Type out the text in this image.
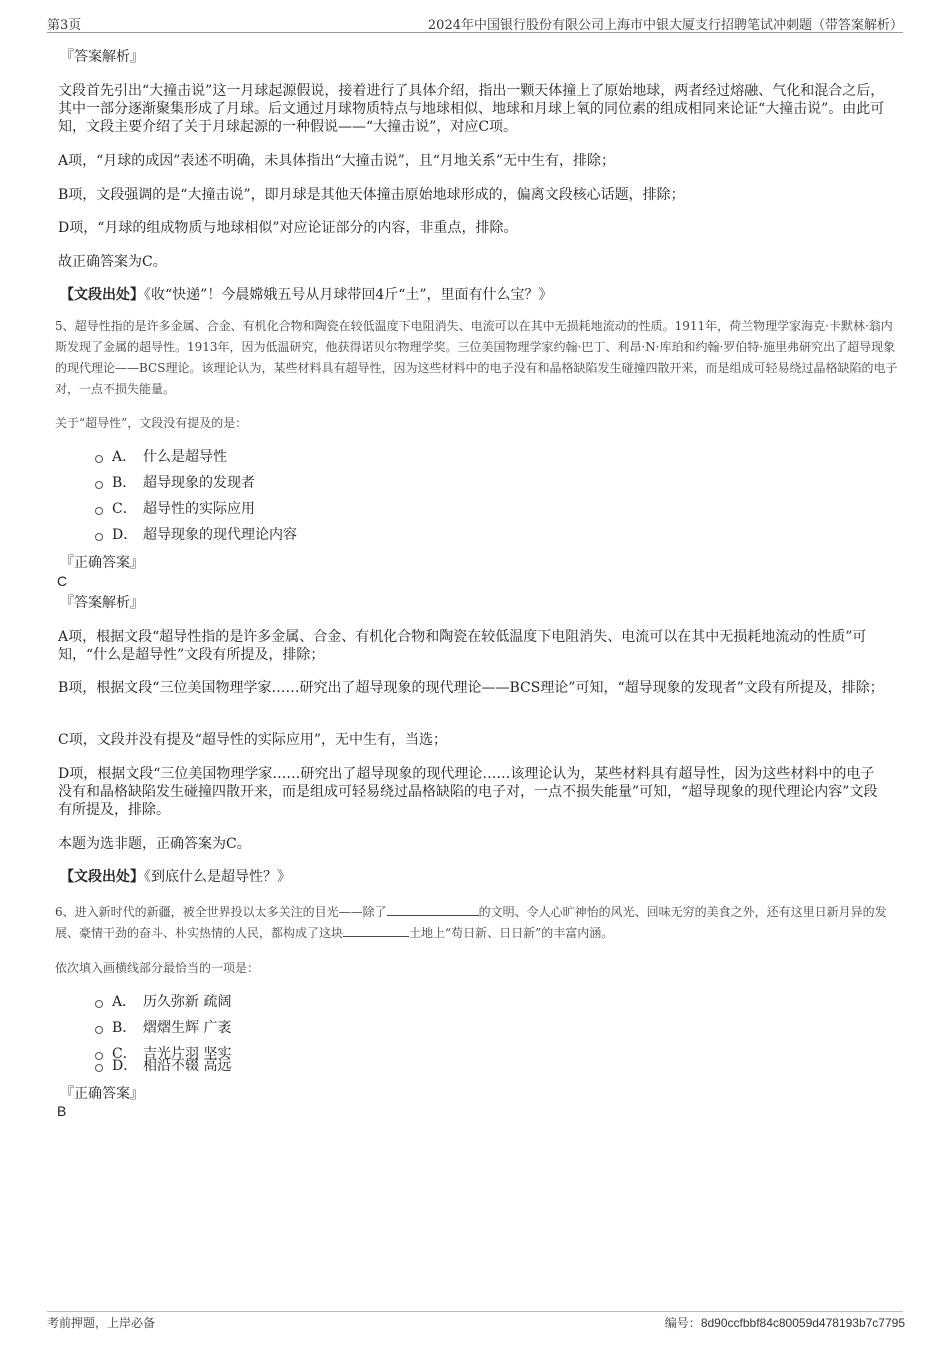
第3页	2024年中国银行股份有限公司上海市中银大厦支行招聘笔试冲刺题（带答案解析）
『答案解析』
文段首先引出“大撞击说”这一月球起源假说，接着进行了具体介绍，指出一颗天体撞上了原始地球，两者经过熔融、气化和混合之后，其中一部分逐渐聚集形成了月球。后文通过月球物质特点与地球相似、地球和月球上氧的同位素的组成相同来论证“大撞击说”。由此可知，文段主要介绍了关于月球起源的一种假说——“大撞击说”，对应C项。
A项，“月球的成因”表述不明确，未具体指出“大撞击说”，且“月地关系”无中生有，排除；
B项，文段强调的是“大撞击说”，即月球是其他天体撞击原始地球形成的，偏离文段核心话题，排除；
D项，“月球的组成物质与地球相似”对应论证部分的内容，非重点，排除。
故正确答案为C。
【文段出处】《收“快递”！今晨嫦娥五号从月球带回4斤“土”，里面有什么宝？》
5、超导性指的是许多金属、合金、有机化合物和陶瓷在较低温度下电阻消失、电流可以在其中无损耗地流动的性质。1911年，荷兰物理学家海克·卡默林·翁内斯发现了金属的超导性。1913年，因为低温研究，他获得诺贝尔物理学奖。三位美国物理学家约翰·巴丁、利昂·N·库珀和约翰·罗伯特·施里弗研究出了超导现象的现代理论——BCS理论。该理论认为，某些材料具有超导性，因为这些材料中的电子没有和晶格缺陷发生碰撞四散开来，而是组成可轻易绕过晶格缺陷的电子对，一点不损失能量。
关于“超导性”，文段没有提及的是：
A． 什么是超导性
B． 超导现象的发现者
C． 超导性的实际应用
D． 超导现象的现代理论内容
『正确答案』
C
『答案解析』
A项，根据文段“超导性指的是许多金属、合金、有机化合物和陶瓷在较低温度下电阻消失、电流可以在其中无损耗地流动的性质”可知，“什么是超导性”文段有所提及，排除；
B项，根据文段“三位美国物理学家……研究出了超导现象的现代理论——BCS理论”可知，“超导现象的发现者”文段有所提及，排除；
C项，文段并没有提及“超导性的实际应用”，无中生有，当选；
D项，根据文段“三位美国物理学家……研究出了超导现象的现代理论……该理论认为，某些材料具有超导性，因为这些材料中的电子没有和晶格缺陷发生碰撞四散开来，而是组成可轻易绕过晶格缺陷的电子对，一点不损失能量”可知，“超导现象的现代理论内容”文段有所提及，排除。
本题为选非题，正确答案为C。
【文段出处】《到底什么是超导性？》
6、进入新时代的新疆，被全世界投以太多关注的目光——除了	的文明、令人心旷神怡的风光、回味无穷的美食之外，还有这里日新月异的发展、豪情干劲的奋斗、朴实热情的人民，都构成了这块	土地上“苟日新、日日新”的丰富内涵。
依次填入画横线部分最恰当的一项是：
A． 历久弥新 疏阔
B． 熠熠生辉 广袤
C． 吉光片羽 坚实
D． 相沿不辍 高远
『正确答案』
B
考前押题，上岸必备	编号：8d90ccfbbf84c80059d478193b7c7795
